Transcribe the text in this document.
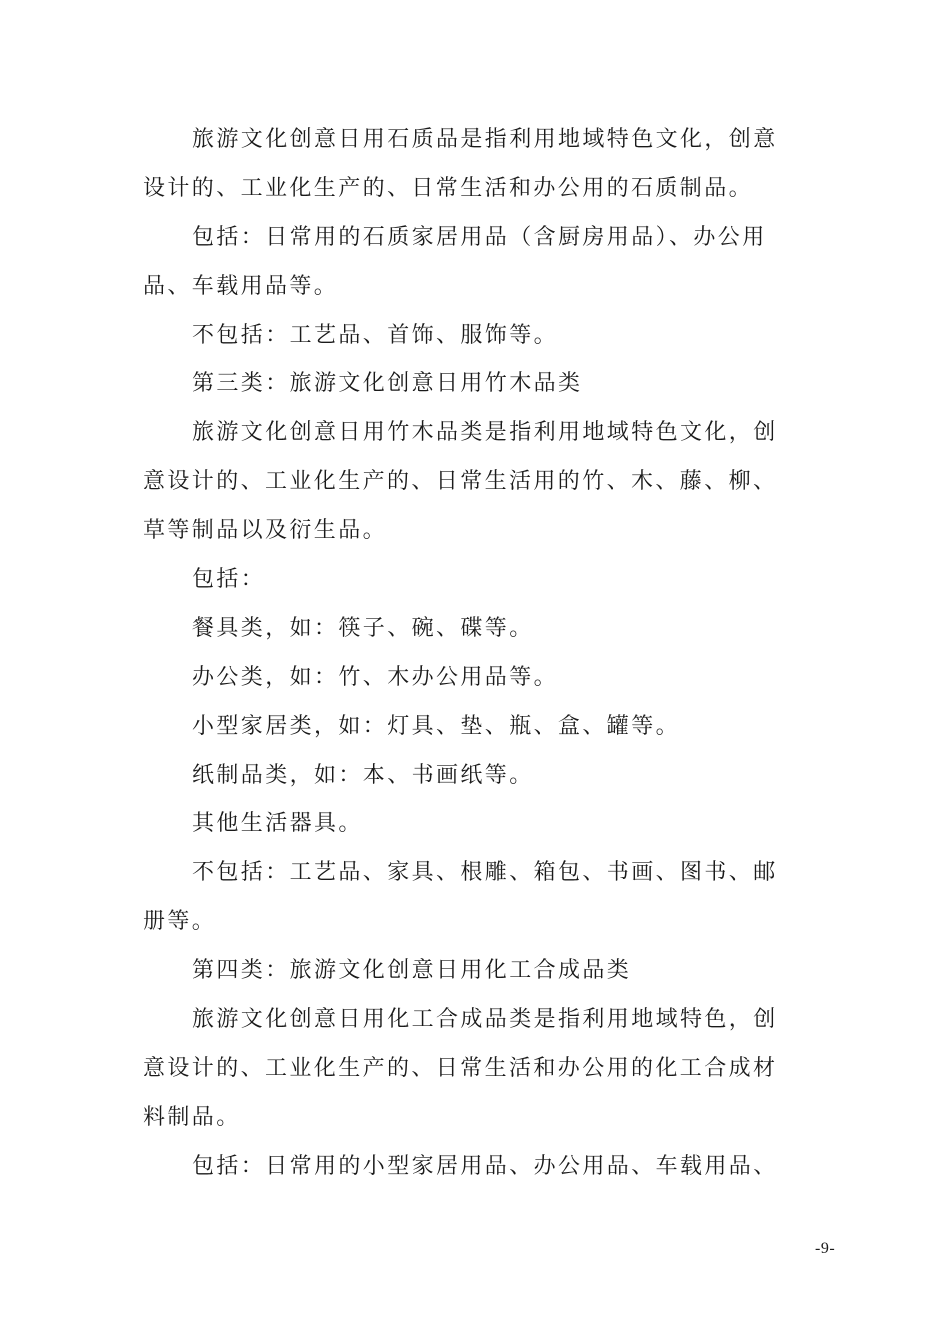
旅游文化创意日用石质品是指利用地域特色文化，创意
设计的、工业化生产的、日常生活和办公用的石质制品。
包括：日常用的石质家居用品（含厨房用品）、办公用
品、车载用品等。
不包括：工艺品、首饰、服饰等。
第三类：旅游文化创意日用竹木品类
旅游文化创意日用竹木品类是指利用地域特色文化，创
意设计的、工业化生产的、日常生活用的竹、木、藤、柳、
草等制品以及衍生品。
包括：
餐具类，如：筷子、碗、碟等。
办公类，如：竹、木办公用品等。
小型家居类，如：灯具、垫、瓶、盒、罐等。
纸制品类，如：本、书画纸等。
其他生活器具。
不包括：工艺品、家具、根雕、箱包、书画、图书、邮
册等。
第四类：旅游文化创意日用化工合成品类
旅游文化创意日用化工合成品类是指利用地域特色，创
意设计的、工业化生产的、日常生活和办公用的化工合成材
料制品。
包括：日常用的小型家居用品、办公用品、车载用品、
-9-
